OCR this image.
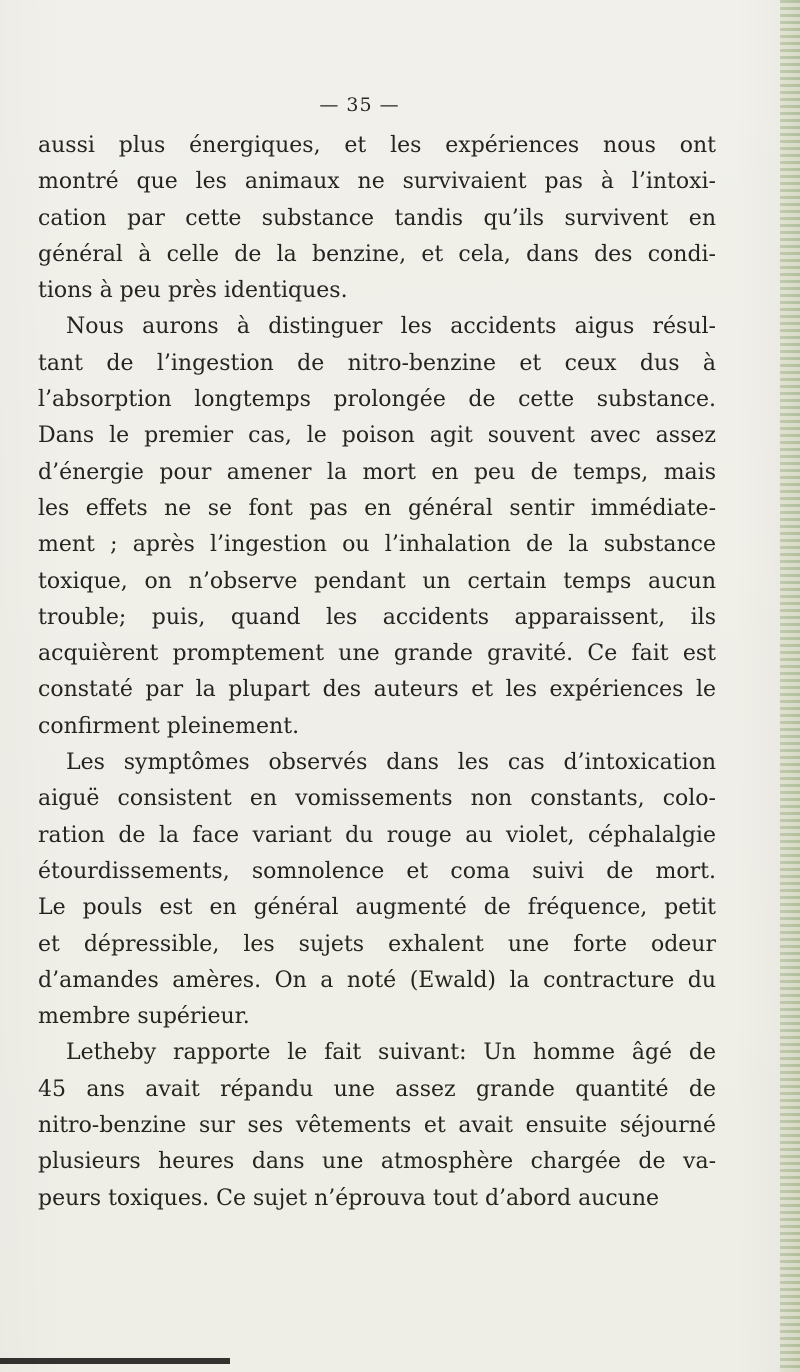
— 35 —
aussi plus énergiques, et les expériences nous ont
montré que les animaux ne survivaient pas à l’intoxi-
cation par cette substance tandis qu’ils survivent en
général à celle de la benzine, et cela, dans des condi-
tions à peu près identiques.
Nous aurons à distinguer les accidents aigus résul-
tant de l’ingestion de nitro-benzine et ceux dus à
l’absorption longtemps prolongée de cette substance.
Dans le premier cas, le poison agit souvent avec assez
d’énergie pour amener la mort en peu de temps, mais
les effets ne se font pas en général sentir immédiate-
ment ; après l’ingestion ou l’inhalation de la substance
toxique, on n’observe pendant un certain temps aucun
trouble; puis, quand les accidents apparaissent, ils
acquièrent promptement une grande gravité. Ce fait est
constaté par la plupart des auteurs et les expériences le
confirment pleinement.
Les symptômes observés dans les cas d’intoxication
aiguë consistent en vomissements non constants, colo-
ration de la face variant du rouge au violet, céphalalgie
étourdissements, somnolence et coma suivi de mort.
Le pouls est en général augmenté de fréquence, petit
et dépressible, les sujets exhalent une forte odeur
d’amandes amères. On a noté (Ewald) la contracture du
membre supérieur.
Letheby rapporte le fait suivant: Un homme âgé de
45 ans avait répandu une assez grande quantité de
nitro-benzine sur ses vêtements et avait ensuite séjourné
plusieurs heures dans une atmosphère chargée de va-
peurs toxiques. Ce sujet n’éprouva tout d’abord aucune
